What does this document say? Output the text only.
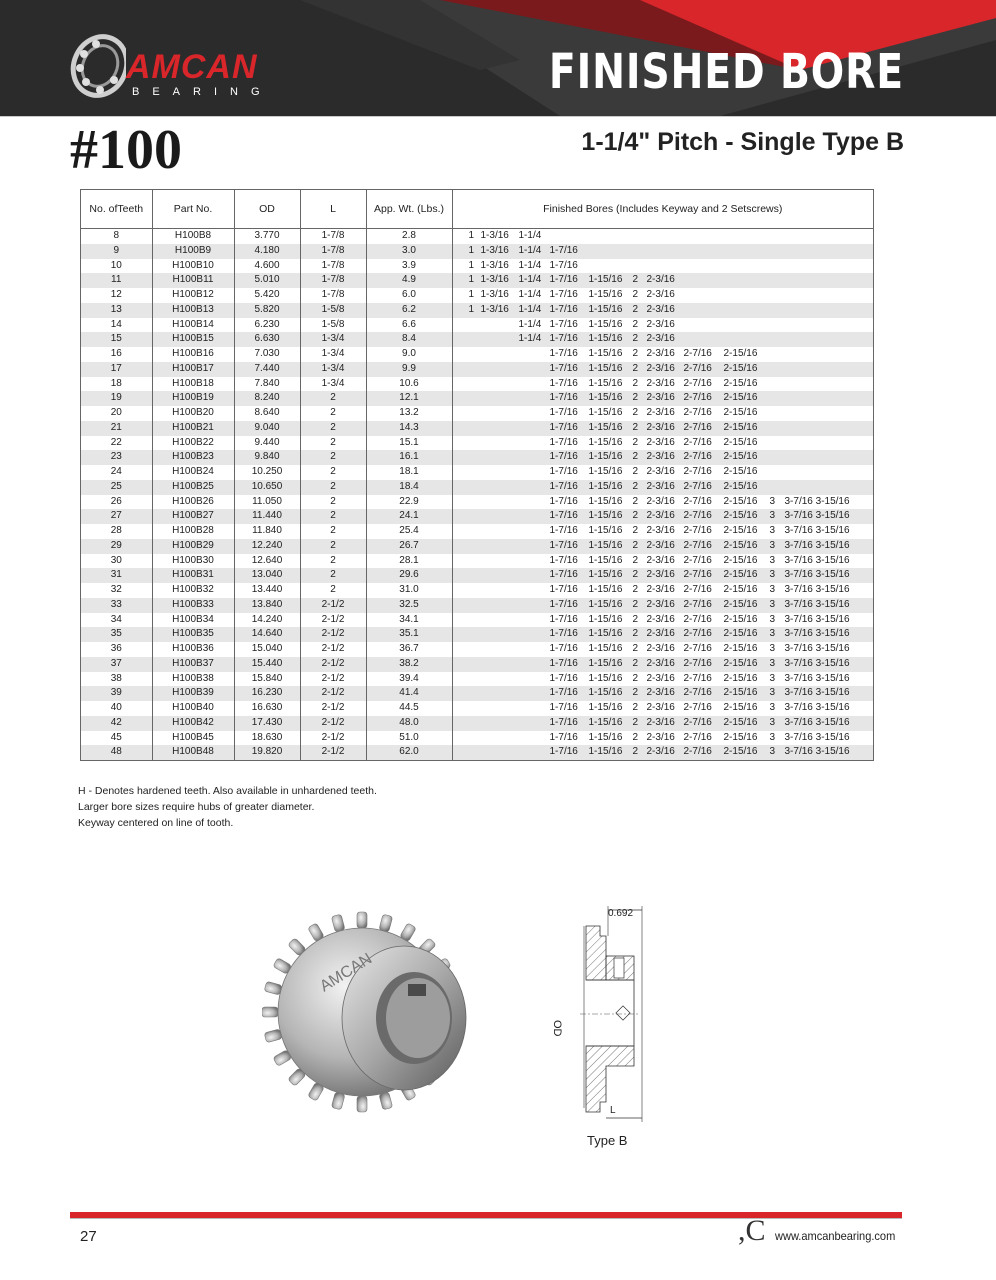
AMCAN
BEARING	FINISHED BORE
#100	1-1/4" Pitch - Single Type B
No. ofTeeth	Part No.	OD	L	App. Wt. (Lbs.)	Finished Bores (Includes Keyway and 2 Setscrews)
8	H100B8	3.770	1-7/8	2.8	1 1-3/16 1-1/4
9	H100B9	4.180	1-7/8	3.0	1 1-3/16 1-1/4 1-7/16
10	H100B10	4.600	1-7/8	3.9	1 1-3/16 1-1/4 1-7/16
11	H100B11	5.010	1-7/8	4.9	1 1-3/16 1-1/4 1-7/16 1-15/16 2 2-3/16
12	H100B12	5.420	1-7/8	6.0	1 1-3/16 1-1/4 1-7/16 1-15/16 2 2-3/16
13	H100B13	5.820	1-5/8	6.2	1 1-3/16 1-1/4 1-7/16 1-15/16 2 2-3/16
14	H100B14	6.230	1-5/8	6.6	1-1/4 1-7/16 1-15/16 2 2-3/16
15	H100B15	6.630	1-3/4	8.4	1-1/4 1-7/16 1-15/16 2 2-3/16
16	H100B16	7.030	1-3/4	9.0	1-7/16 1-15/16 2 2-3/16 2-7/16 2-15/16
17	H100B17	7.440	1-3/4	9.9	1-7/16 1-15/16 2 2-3/16 2-7/16 2-15/16
18	H100B18	7.840	1-3/4	10.6	1-7/16 1-15/16 2 2-3/16 2-7/16 2-15/16
19	H100B19	8.240	2	12.1	1-7/16 1-15/16 2 2-3/16 2-7/16 2-15/16
20	H100B20	8.640	2	13.2	1-7/16 1-15/16 2 2-3/16 2-7/16 2-15/16
21	H100B21	9.040	2	14.3	1-7/16 1-15/16 2 2-3/16 2-7/16 2-15/16
22	H100B22	9.440	2	15.1	1-7/16 1-15/16 2 2-3/16 2-7/16 2-15/16
23	H100B23	9.840	2	16.1	1-7/16 1-15/16 2 2-3/16 2-7/16 2-15/16
24	H100B24	10.250	2	18.1	1-7/16 1-15/16 2 2-3/16 2-7/16 2-15/16
25	H100B25	10.650	2	18.4	1-7/16 1-15/16 2 2-3/16 2-7/16 2-15/16
26	H100B26	11.050	2	22.9	1-7/16 1-15/16 2 2-3/16 2-7/16 2-15/16 3 3-7/16 3-15/16
27	H100B27	11.440	2	24.1	1-7/16 1-15/16 2 2-3/16 2-7/16 2-15/16 3 3-7/16 3-15/16
28	H100B28	11.840	2	25.4	1-7/16 1-15/16 2 2-3/16 2-7/16 2-15/16 3 3-7/16 3-15/16
29	H100B29	12.240	2	26.7	1-7/16 1-15/16 2 2-3/16 2-7/16 2-15/16 3 3-7/16 3-15/16
30	H100B30	12.640	2	28.1	1-7/16 1-15/16 2 2-3/16 2-7/16 2-15/16 3 3-7/16 3-15/16
31	H100B31	13.040	2	29.6	1-7/16 1-15/16 2 2-3/16 2-7/16 2-15/16 3 3-7/16 3-15/16
32	H100B32	13.440	2	31.0	1-7/16 1-15/16 2 2-3/16 2-7/16 2-15/16 3 3-7/16 3-15/16
33	H100B33	13.840	2-1/2	32.5	1-7/16 1-15/16 2 2-3/16 2-7/16 2-15/16 3 3-7/16 3-15/16
34	H100B34	14.240	2-1/2	34.1	1-7/16 1-15/16 2 2-3/16 2-7/16 2-15/16 3 3-7/16 3-15/16
35	H100B35	14.640	2-1/2	35.1	1-7/16 1-15/16 2 2-3/16 2-7/16 2-15/16 3 3-7/16 3-15/16
36	H100B36	15.040	2-1/2	36.7	1-7/16 1-15/16 2 2-3/16 2-7/16 2-15/16 3 3-7/16 3-15/16
37	H100B37	15.440	2-1/2	38.2	1-7/16 1-15/16 2 2-3/16 2-7/16 2-15/16 3 3-7/16 3-15/16
38	H100B38	15.840	2-1/2	39.4	1-7/16 1-15/16 2 2-3/16 2-7/16 2-15/16 3 3-7/16 3-15/16
39	H100B39	16.230	2-1/2	41.4	1-7/16 1-15/16 2 2-3/16 2-7/16 2-15/16 3 3-7/16 3-15/16
40	H100B40	16.630	2-1/2	44.5	1-7/16 1-15/16 2 2-3/16 2-7/16 2-15/16 3 3-7/16 3-15/16
42	H100B42	17.430	2-1/2	48.0	1-7/16 1-15/16 2 2-3/16 2-7/16 2-15/16 3 3-7/16 3-15/16
45	H100B45	18.630	2-1/2	51.0	1-7/16 1-15/16 2 2-3/16 2-7/16 2-15/16 3 3-7/16 3-15/16
48	H100B48	19.820	2-1/2	62.0	1-7/16 1-15/16 2 2-3/16 2-7/16 2-15/16 3 3-7/16 3-15/16
H - Denotes hardened teeth. Also available in unhardened teeth.
Larger bore sizes require hubs of greater diameter.
Keyway centered on line of tooth.
AMCAN
0.692
OD
L
Type B
27	,C www.amcanbearing.com
